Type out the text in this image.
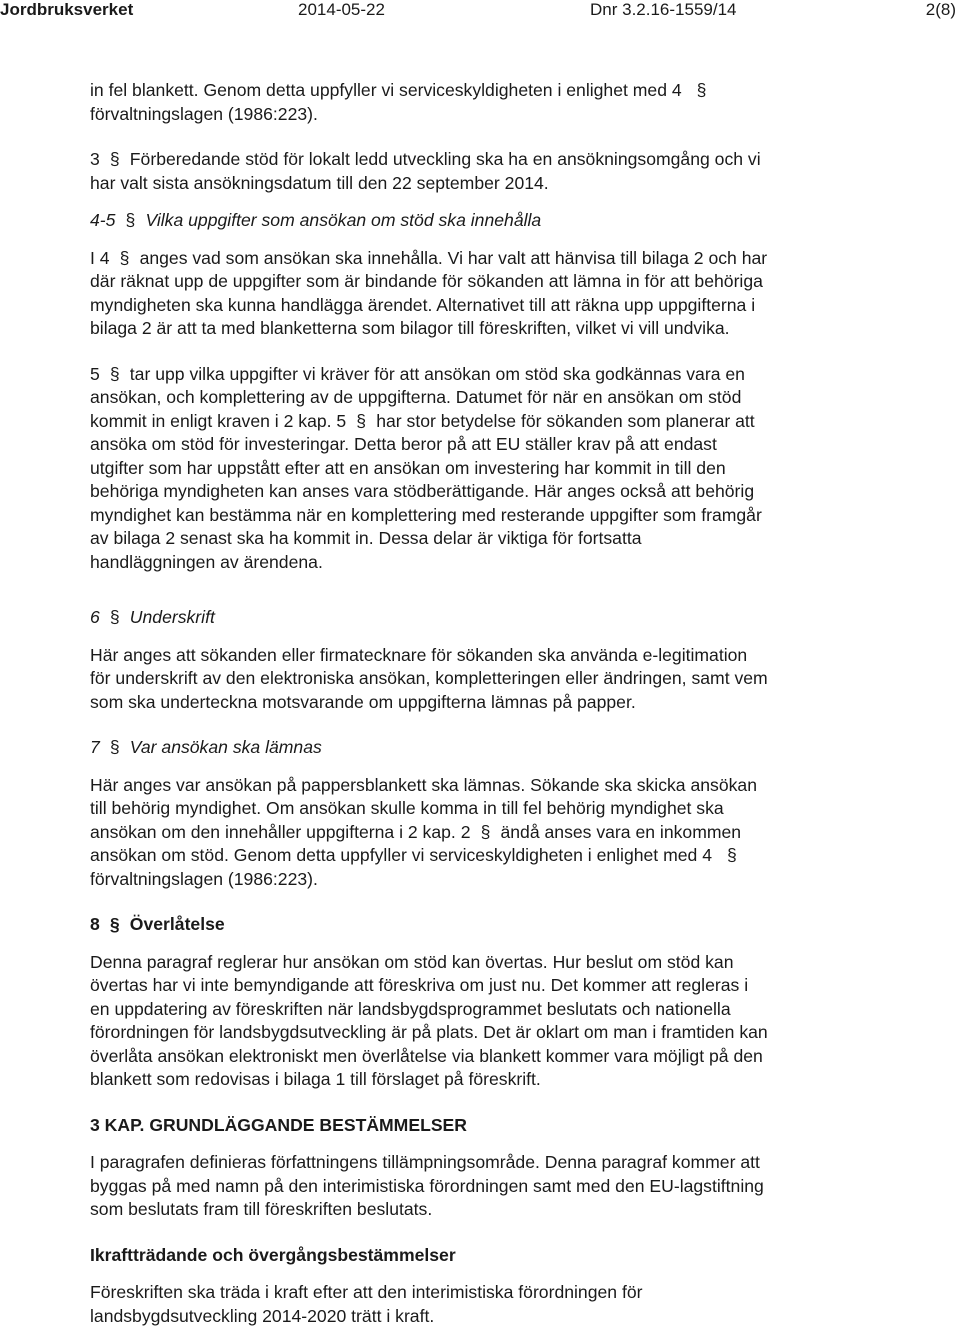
Jordbruksverket	2014-05-22	Dnr 3.2.16-1559/14	2(8)

in fel blankett. Genom detta uppfyller vi serviceskyldigheten i enlighet med 4 §
förvaltningslagen (1986:223).

3 § Förberedande stöd för lokalt ledd utveckling ska ha en ansökningsomgång och vi
har valt sista ansökningsdatum till den 22 september 2014.

4-5 § Vilka uppgifter som ansökan om stöd ska innehålla

I 4 § anges vad som ansökan ska innehålla. Vi har valt att hänvisa till bilaga 2 och har
där räknat upp de uppgifter som är bindande för sökanden att lämna in för att behöriga
myndigheten ska kunna handlägga ärendet. Alternativet till att räkna upp uppgifterna i
bilaga 2 är att ta med blanketterna som bilagor till föreskriften, vilket vi vill undvika.

5 § tar upp vilka uppgifter vi kräver för att ansökan om stöd ska godkännas vara en
ansökan, och komplettering av de uppgifterna. Datumet för när en ansökan om stöd
kommit in enligt kraven i 2 kap. 5 § har stor betydelse för sökanden som planerar att
ansöka om stöd för investeringar. Detta beror på att EU ställer krav på att endast
utgifter som har uppstått efter att en ansökan om investering har kommit in till den
behöriga myndigheten kan anses vara stödberättigande. Här anges också att behörig
myndighet kan bestämma när en komplettering med resterande uppgifter som framgår
av bilaga 2 senast ska ha kommit in. Dessa delar är viktiga för fortsatta
handläggningen av ärendena.

6 § Underskrift

Här anges att sökanden eller firmatecknare för sökanden ska använda e-legitimation
för underskrift av den elektroniska ansökan, kompletteringen eller ändringen, samt vem
som ska underteckna motsvarande om uppgifterna lämnas på papper.

7 § Var ansökan ska lämnas

Här anges var ansökan på pappersblankett ska lämnas. Sökande ska skicka ansökan
till behörig myndighet. Om ansökan skulle komma in till fel behörig myndighet ska
ansökan om den innehåller uppgifterna i 2 kap. 2 § ändå anses vara en inkommen
ansökan om stöd. Genom detta uppfyller vi serviceskyldigheten i enlighet med 4 §
förvaltningslagen (1986:223).

8 § Överlåtelse

Denna paragraf reglerar hur ansökan om stöd kan övertas. Hur beslut om stöd kan
övertas har vi inte bemyndigande att föreskriva om just nu. Det kommer att regleras i
en uppdatering av föreskriften när landsbygdsprogrammet beslutats och nationella
förordningen för landsbygdsutveckling är på plats. Det är oklart om man i framtiden kan
överlåta ansökan elektroniskt men överlåtelse via blankett kommer vara möjligt på den
blankett som redovisas i bilaga 1 till förslaget på föreskrift.

3 KAP. GRUNDLÄGGANDE BESTÄMMELSER

I paragrafen definieras författningens tillämpningsområde. Denna paragraf kommer att
byggas på med namn på den interimistiska förordningen samt med den EU-lagstiftning
som beslutats fram till föreskriften beslutats.

Ikraftträdande och övergångsbestämmelser

Föreskriften ska träda i kraft efter att den interimistiska förordningen för
landsbygdsutveckling 2014-2020 trätt i kraft.
